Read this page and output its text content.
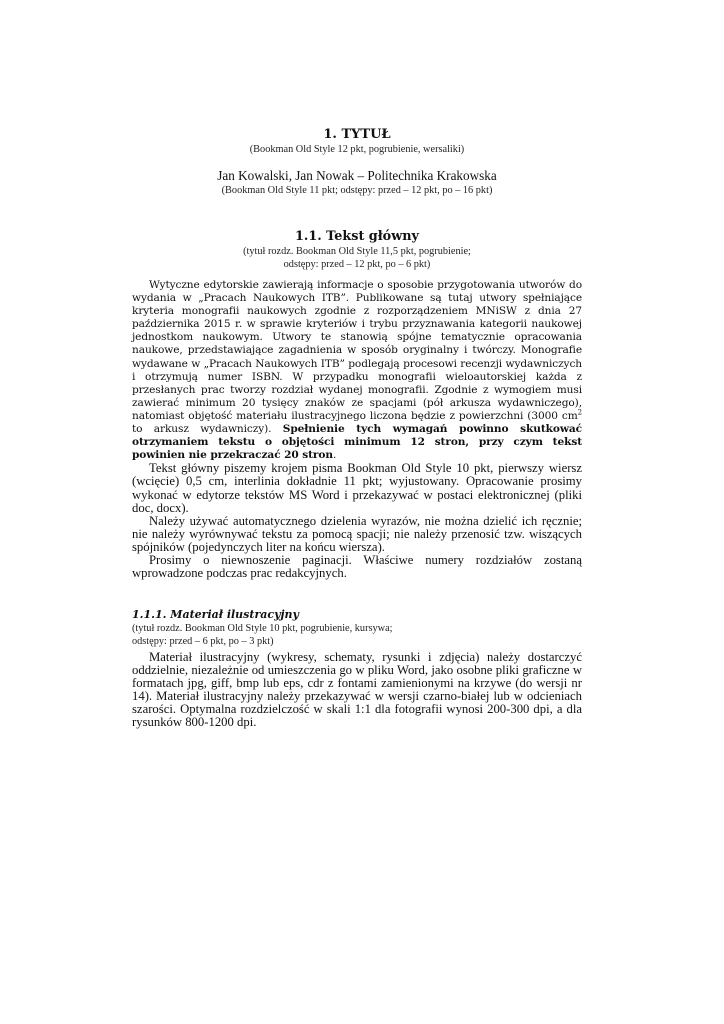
1. TYTUŁ
(Bookman Old Style 12 pkt, pogrubienie, wersaliki)
Jan Kowalski, Jan Nowak – Politechnika Krakowska
(Bookman Old Style 11 pkt; odstępy: przed – 12 pkt, po – 16 pkt)
1.1. Tekst główny
(tytuł rozdz. Bookman Old Style 11,5 pkt, pogrubienie;
odstępy: przed – 12 pkt, po – 6 pkt)

Wytyczne edytorskie zawierają informacje o sposobie przygotowania utworów do wydania w „Pracach Naukowych ITB”. Publikowane są tutaj utwory spełniające kryteria monografii naukowych zgodnie z rozporządzeniem MNiSW z dnia 27 października 2015 r. w sprawie kryteriów i trybu przyznawania kategorii naukowej jednostkom naukowym. Utwory te stanowią spójne tematycznie opracowania naukowe, przedstawiające zagadnienia w sposób oryginalny i twórczy. Monografie wydawane w „Pracach Naukowych ITB” podlegają procesowi recenzji wydawniczych i otrzymują numer ISBN. W przypadku monografii wieloautorskiej każda z przesłanych prac tworzy rozdział wydanej monografii. Zgodnie z wymogiem musi zawierać minimum 20 tysięcy znaków ze spacjami (pół arkusza wydawniczego), natomiast objętość materiału ilustracyjnego liczona będzie z powierzchni (3000 $cm^2$ to arkusz wydawniczy). Spełnienie tych wymagań powinno skutkować otrzymaniem tekstu o objętości minimum 12 stron, przy czym tekst powinien nie przekraczać 20 stron.

Tekst główny piszemy krojem pisma Bookman Old Style 10 pkt, pierwszy wiersz (wcięcie) 0,5 cm, interlinia dokładnie 11 pkt; wyjustowany. Opracowanie prosimy wykonać w edytorze tekstów MS Word i przekazywać w postaci elektronicznej (pliki doc, docx).

Należy używać automatycznego dzielenia wyrazów, nie można dzielić ich ręcznie; nie należy wyrównywać tekstu za pomocą spacji; nie należy przenosić tzw. wiszących spójników (pojedynczych liter na końcu wiersza).

Prosimy o niewnoszenie paginacji. Właściwe numery rozdziałów zostaną wprowadzone podczas prac redakcyjnych.

1.1.1. Materiał ilustracyjny
(tytuł rozdz. Bookman Old Style 10 pkt, pogrubienie, kursywa;
odstępy: przed – 6 pkt, po – 3 pkt)

Materiał ilustracyjny (wykresy, schematy, rysunki i zdjęcia) należy dostarczyć oddzielnie, niezależnie od umieszczenia go w pliku Word, jako osobne pliki graficzne w formatach jpg, giff, bmp lub eps, cdr z fontami zamienionymi na krzywe (do wersji nr 14). Materiał ilustracyjny należy przekazywać w wersji czarno-białej lub w odcieniach szarości. Optymalna rozdzielczość w skali 1:1 dla fotografii wynosi 200-300 dpi, a dla rysunków 800-1200 dpi.
